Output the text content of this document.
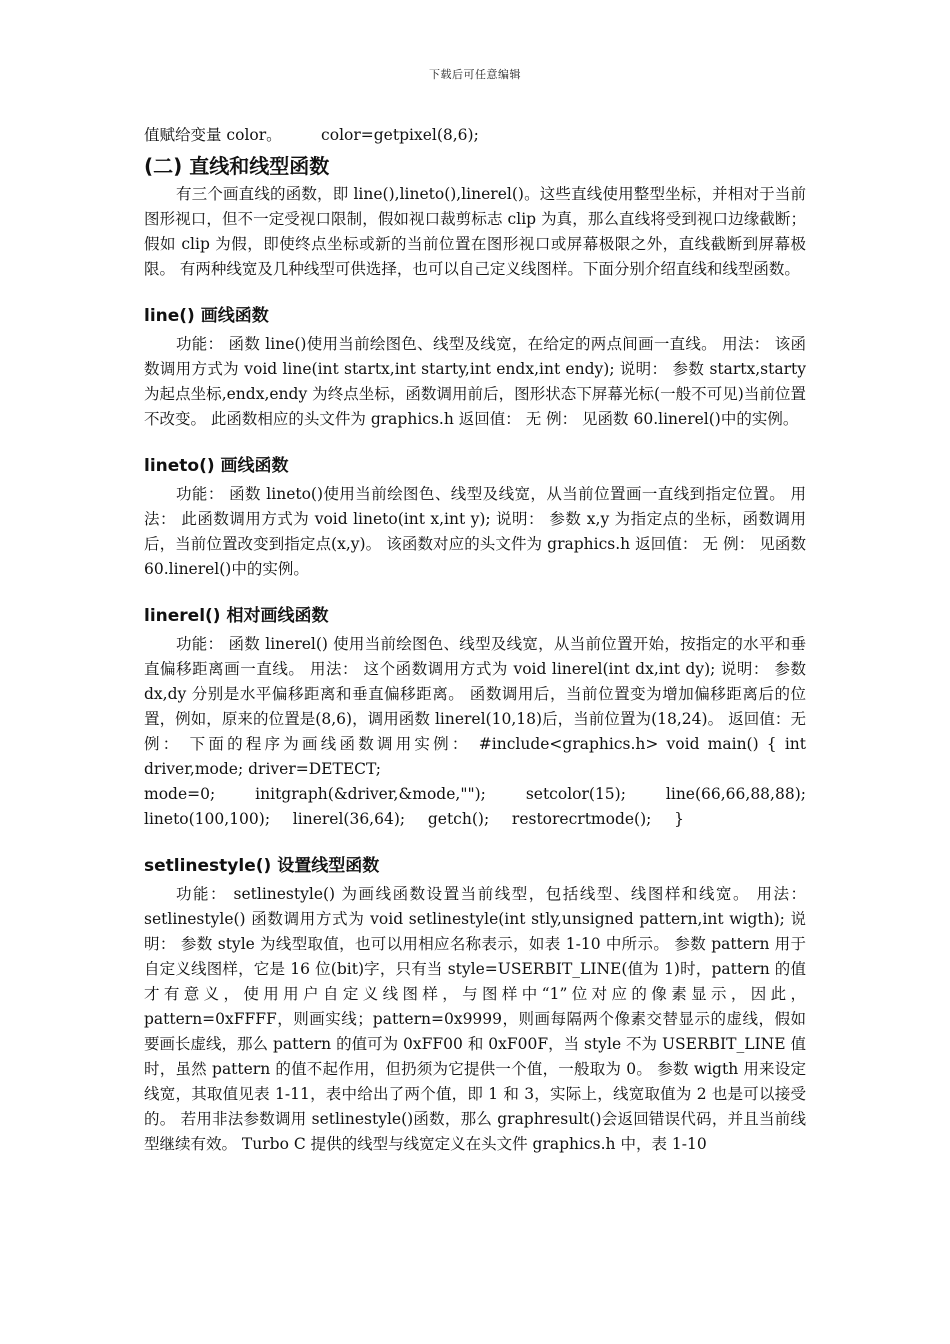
下载后可任意编辑

值赋给变量 color。        color=getpixel(8,6);

(二) 直线和线型函数

有三个画直线的函数，即 line(),lineto(),linerel()。这些直线使用整型坐标，并相对于当前图形视口，但不一定受视口限制，假如视口裁剪标志 clip 为真，那么直线将受到视口边缘截断；假如 clip 为假，即使终点坐标或新的当前位置在图形视口或屏幕极限之外，直线截断到屏幕极限。 有两种线宽及几种线型可供选择，也可以自己定义线图样。下面分别介绍直线和线型函数。

line() 画线函数

功能： 函数 line()使用当前绘图色、线型及线宽，在给定的两点间画一直线。 用法： 该函数调用方式为 void line(int startx,int starty,int endx,int endy); 说明： 参数 startx,starty 为起点坐标,endx,endy 为终点坐标，函数调用前后，图形状态下屏幕光标(一般不可见)当前位置不改变。 此函数相应的头文件为 graphics.h 返回值： 无 例： 见函数 60.linerel()中的实例。

lineto() 画线函数

功能： 函数 lineto()使用当前绘图色、线型及线宽，从当前位置画一直线到指定位置。 用法： 此函数调用方式为 void lineto(int x,int y); 说明： 参数 x,y 为指定点的坐标，函数调用后，当前位置改变到指定点(x,y)。 该函数对应的头文件为 graphics.h 返回值： 无 例： 见函数 60.linerel()中的实例。

linerel() 相对画线函数

功能： 函数 linerel() 使用当前绘图色、线型及线宽，从当前位置开始，按指定的水平和垂直偏移距离画一直线。 用法： 这个函数调用方式为 void linerel(int dx,int dy); 说明： 参数 dx,dy 分别是水平偏移距离和垂直偏移距离。 函数调用后，当前位置变为增加偏移距离后的位置，例如，原来的位置是(8,6)，调用函数 linerel(10,18)后，当前位置为(18,24)。 返回值：无 例： 下面的程序为画线函数调用实例： #include<graphics.h> void main() { int driver,mode; driver=DETECT;

mode=0;	initgraph(&driver,&mode,"");	setcolor(15);	line(66,66,88,88);
lineto(100,100); linerel(36,64); getch(); restorecrtmode(); }
setlinestyle() 设置线型函数

功能： setlinestyle() 为画线函数设置当前线型，包括线型、线图样和线宽。 用法： setlinestyle() 函数调用方式为 void setlinestyle(int stly,unsigned pattern,int wigth); 说明： 参数 style 为线型取值，也可以用相应名称表示，如表 1-10 中所示。 参数 pattern 用于自定义线图样，它是 16 位(bit)字，只有当 style=USERBIT_LINE(值为 1)时，pattern 的值才有意义，使用用户自定义线图样，与图样中“1”位对应的像素显示，因此，pattern=0xFFFF，则画实线；pattern=0x9999，则画每隔两个像素交替显示的虚线，假如要画长虚线，那么 pattern 的值可为 0xFF00 和 0xF00F，当 style 不为 USERBIT_LINE 值时，虽然 pattern 的值不起作用，但扔须为它提供一个值，一般取为 0。 参数 wigth 用来设定线宽，其取值见表 1-11，表中给出了两个值，即 1 和 3，实际上，线宽取值为 2 也是可以接受的。 若用非法参数调用 setlinestyle()函数，那么 graphresult()会返回错误代码，并且当前线型继续有效。 Turbo C 提供的线型与线宽定义在头文件 graphics.h 中，表 1-10
